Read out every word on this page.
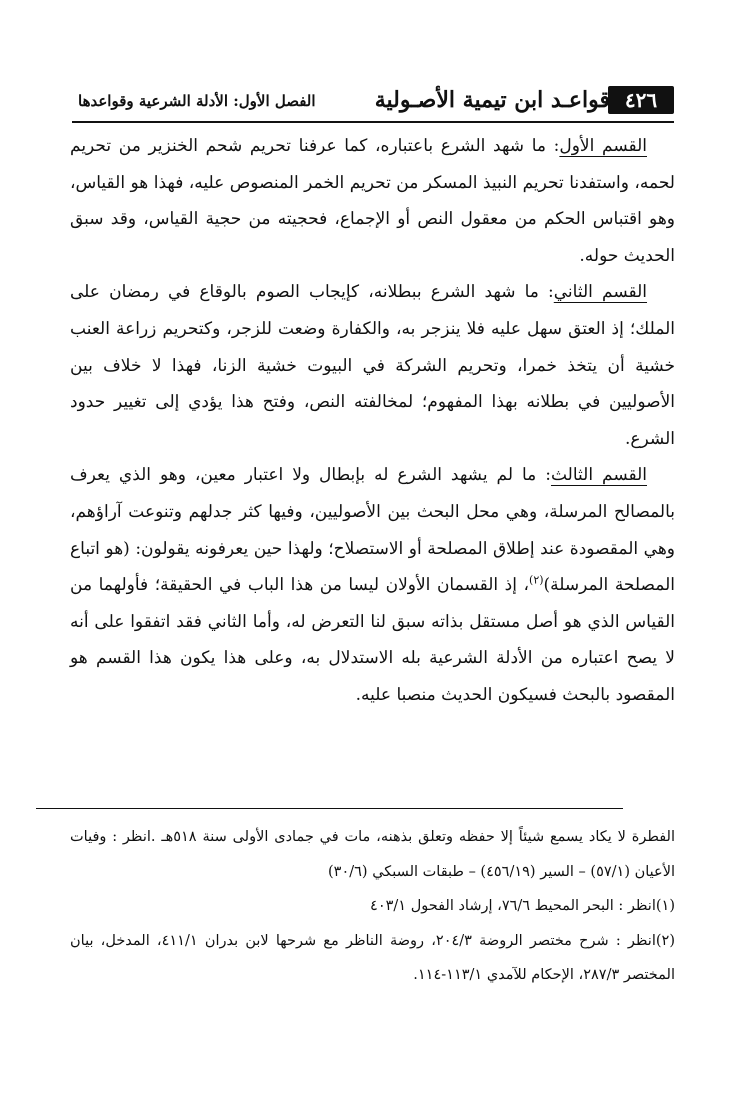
٤٢٦
قواعـد ابن تيمية الأصـولية
الفصل الأول: الأدلة الشرعية وقواعدها

القسم الأول: ما شهد الشرع باعتباره، كما عرفنا تحريم شحم الخنزير من تحريم لحمه، واستفدنا تحريم النبيذ المسكر من تحريم الخمر المنصوص عليه، فهذا هو القياس، وهو اقتباس الحكم من معقول النص أو الإجماع، فحجيته من حجية القياس، وقد سبق الحديث حوله.

القسم الثاني: ما شهد الشرع ببطلانه، كإيجاب الصوم بالوقاع في رمضان على الملك؛ إذ العتق سهل عليه فلا ينزجر به، والكفارة وضعت للزجر، وكتحريم زراعة العنب خشية أن يتخذ خمرا، وتحريم الشركة في البيوت خشية الزنا، فهذا لا خلاف بين الأصوليين في بطلانه بهذا المفهوم؛ لمخالفته النص، وفتح هذا يؤدي إلى تغيير حدود الشرع.

القسم الثالث: ما لم يشهد الشرع له بإبطال ولا اعتبار معين، وهو الذي يعرف بالمصالح المرسلة، وهي محل البحث بين الأصوليين، وفيها كثر جدلهم وتنوعت آراؤهم، وهي المقصودة عند إطلاق المصلحة أو الاستصلاح؛ ولهذا حين يعرفونه يقولون: (هو اتباع المصلحة المرسلة)$^{(٢)}$، إذ القسمان الأولان ليسا من هذا الباب في الحقيقة؛ فأولهما من القياس الذي هو أصل مستقل بذاته سبق لنا التعرض له، وأما الثاني فقد اتفقوا على أنه لا يصح اعتباره من الأدلة الشرعية بله الاستدلال به، وعلى هذا يكون هذا القسم هو المقصود بالبحث فسيكون الحديث منصبا عليه.

الفطرة لا يكاد يسمع شيئاً إلا حفظه وتعلق بذهنه، مات في جمادى الأولى سنة ٥١٨هـ .انظر : وفيات الأعيان (٥٧/١) – السير (٤٥٦/١٩) – طبقات السبكي (٣٠/٦)

(١)انظر : البحر المحيط ٧٦/٦، إرشاد الفحول ٤٠٣/١

(٢)انظر : شرح مختصر الروضة ٢٠٤/٣، روضة الناظر مع شرحها لابن بدران ٤١١/١، المدخل، بيان المختصر ٢٨٧/٣، الإحكام للآمدي ١١٣/١-١١٤.
